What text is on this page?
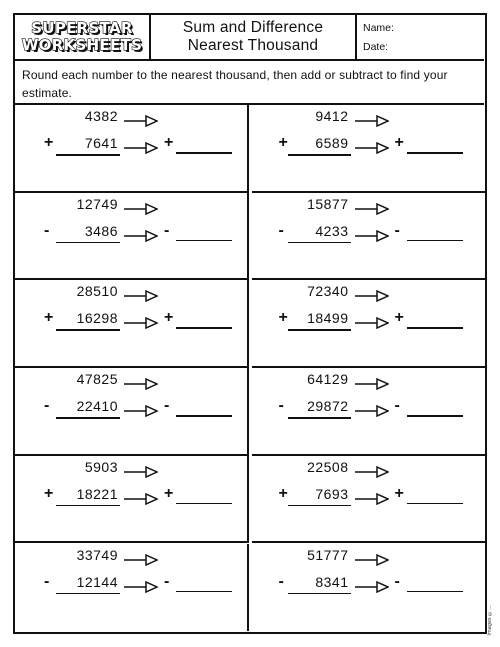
SUPERSTAR
WORKSHEETS
Sum and Difference
Nearest Thousand
Name:
Date:
Round each number to the nearest thousand, then add or subtract to find your estimate.
4382
+	7641	+
9412
+	6589	+
12749
-	3486	-
15877
-	4233	-
28510
+	16298	+
72340
+	18499	+
47825
-	22410	-
64129
-	29872	-
5903
+	18221	+
22508
+	7693	+
33749
-	12144	-
51777
-	8341	-
Images ©...
